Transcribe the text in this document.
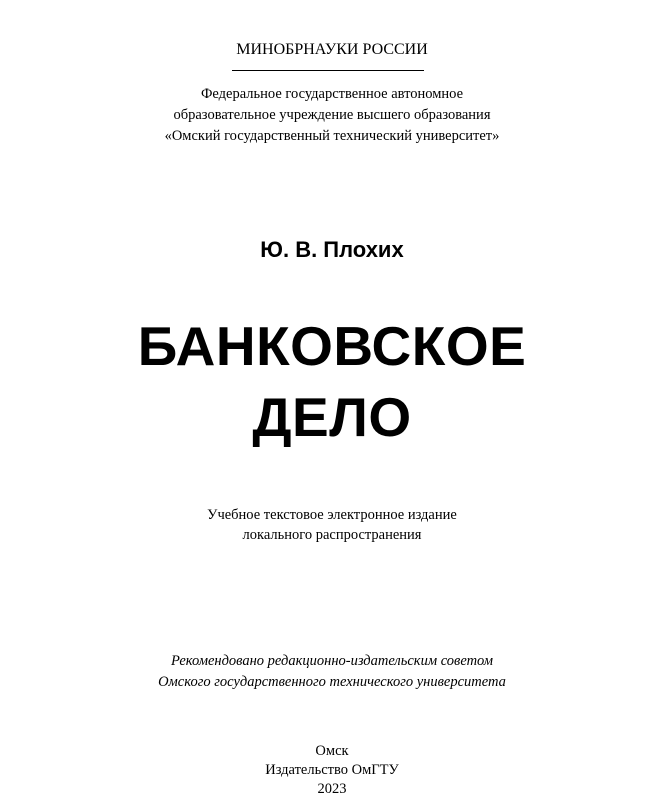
МИНОБРНАУКИ РОССИИ
Федеральное государственное автономное
образовательное учреждение высшего образования
«Омский государственный технический университет»
Ю. В. Плохих
БАНКОВСКОЕ
ДЕЛО
Учебное текстовое электронное издание
локального распространения
Рекомендовано редакционно-издательским советом
Омского государственного технического университета
Омск
Издательство ОмГТУ
2023
